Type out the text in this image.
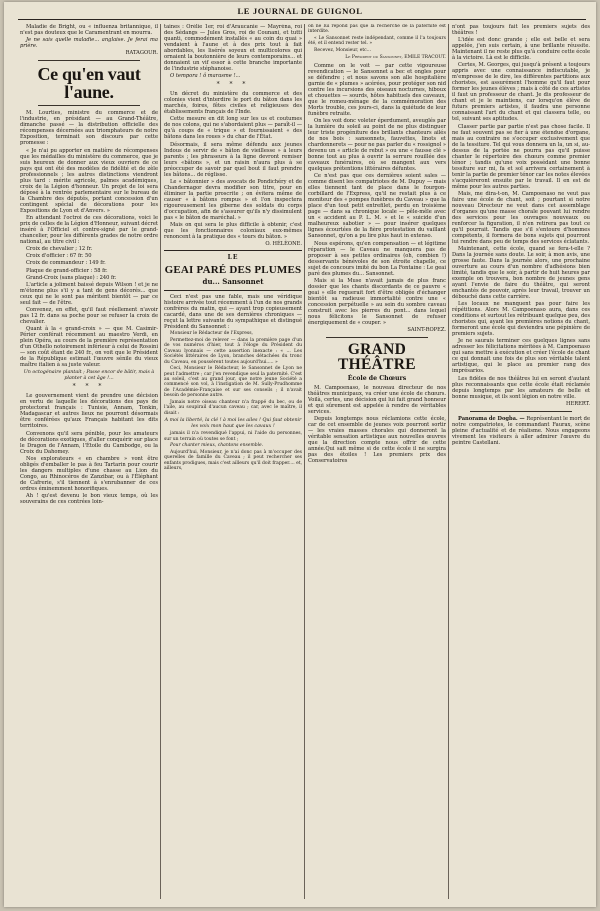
LE JOURNAL DE GUIGNOL

Maladie de Bright, ou « influenza britannique, il n'est pas douteux que le Caramentrant en mourra.

Je ne sais quelle maladie... anglaise. Je ferai ma prière.

RATAGOUR.

Ce qu'en vaut l'aune.

M. Lourties, ministre du commerce et de l'industrie, en présidant — au Grand-Théâtre, dimanche passé — la distribution officielle des récompenses décernées aux triomphateurs de notre Exposition, terminait son discours par cette promesse :

« Je n'ai pu apporter en matière de récompenses que les médailles du ministère du commerce, que je suis heureux de donner aux vieux ouvriers de ce pays qui ont été des modèles de fidélité et de zèle professionnels ; les autres distinctions viendront plus tard : mérite agricole, palmes académiques, croix de la Légion d'honneur. Un projet de loi sera déposé à la rentrée parlementaire sur le bureau de la Chambre des députés, portant concession d'un contingent spécial de décorations pour les Expositions de Lyon et d'Anvers. »

En attendant l'octroi de ces décorations, voici le prix de celles de la Légion d'Honneur, suivant décret inséré à l'Officiel et contre-signé par le grand-chancelier, pour les différents grades de notre ordre national, au titre civil :

Croix de chevalier ; 12 fr.

Croix d'officier : 67 fr. 50

Croix de commandeur : 149 fr.

Plaque de grand-officier : 58 fr.

Grand-Croix (sans plaque) : 240 fr.

L'article a joliment baissé depuis Wilson ! et je ne m'étonne plus s'il y a tant de gens décorés... que ceux qui ne le sont pas méritent bientôt — par ce seul fait — de l'être.

Convenez, en effet, qu'il faut réellement n'avoir pas 12 fr. dans sa poche pour se refuser la croix de chevalier.

Quant à la « grand-croix » — que M. Casimir-Périer conférait récemment au maestro Verdi, en plein Opéra, au cours de la première représentation d'un Othello notoirement inférieur à celui de Rossini — son coût étant de 240 fr., on voit que le Président de la République estimait l'œuvre sénile du vieux maître italien à sa juste valeur.

Un octogénaire plantait ; Passe encor de bâtir, mais à planter à cet âge !...

* * *

Le gouvernement vient de prendre une décision en vertu de laquelle les décorations des pays de protectorat français : Tunisie, Annam, Tonkin, Madagascar et autres lieux ne pourront désormais être conférées qu'aux Français habitant les dits territoires.

Convenons qu'il sera pénible, pour les amateurs de décorations exotiques, d'aller conquérir sur place le Dragon de l'Annam, l'Étoile du Cambodge, ou la Croix du Dahomey.

Nos explorateurs « en chambre » vont être obligés d'emballer le pas à feu Tartarin pour courir les dangers multiples d'une chasse au Lion du Congo, au Rhinocéros de Zanzibar, ou à l'Éléphant de Cafrerie, s'il tiennent à s'enrubanner de ces ordres éminemment honorifiques.

Ah ! qu'est devenu le bon vieux temps, où les souverains de ces contrées loin-

taines : Orélie 1er, roi d'Araucanie — Mayréna, roi des Sédangs — Jules Gros, roi de Counani, et tutti quanti, commodément installés « au coin du quai » vendaient à l'aune et à des prix tout à fait abordables, les lisérés soyeux et multicolores qui ornaient la boutonnière de leurs contemporains... et donnaient un vif essor à cette branche importante de l'industrie stéphanoise.

O tempora ! ô marasme !...

* * *

Un décret du ministère du commerce et des colonies vient d'interdire le port du bâton dans les marchés, foires, fêtes civiles et religieuses des établissements français de l'Inde.

Cette mesure en dit long sur les us et coutumes de nos colons, qui ne s'abordaient plus — paraît-il — qu'à coups de « trique » et fournissaient « des bâtons dans les roues » du char de l'État.

Désormais, il sera même défendu aux jeunes Indous de servir de « bâton de vieillesse » à leurs parents ; les phraseurs à la ligne devront remiser leurs «bâtons », et un raisin n'aura plus à se préoccuper de savoir par quel bout il faut prendre les bâtons... de réglisse.

Le « bâtonnier » des avocats de Pondichéry et de Chandernagor devra modifier son titre, pour en éliminer la partie proscrite ; on évitera même de causer « à bâtons rompus » et l'on inspectera rigoureusement les giberne des soldats du corps d'occupation, afin de s'assurer qu'ils n'y dissimulent pas « le bâton de maréchal. »

Mais on qui sera le plus difficile à obtenir, c'est que les fonctionnaires coloniaux eux-mêmes renoncent à la pratique des « tours du bâton. »

O. HÉLÈONE.

LE
GEAI PARÉ DES PLUMES
du... Sansonnet

Ceci n'est pas une fable, mais une véridique histoire arrivée tout récemment à l'un de nos grands confrères du matin, qui — ayant trop copieusement cacardé, dans une de ses dernières chroniques — reçut la lettre suivante du sympathique et distingué Président du Sansonnet :

Monsieur le Rédacteur de l'Express,

Permettez-moi de relever — dans la première page d'un de vos numéros d'hier, tout à l'éloge du Président du Caveau lyonnais — cette assertion inexacte : « ... Les Sociétés littéraires de Lyon, branches détachées du tronc du Caveau, en poussèrent toutes aujourd'hui..... »

Ceci, Monsieur le Rédacteur, le Sansonnet de Lyon ne peut l'admettre ; car j'en revendique seul la paternité. C'est au soleil, c'est au grand jour, que notre jeune Société a commencé son vol, à l'instigation de M. Sully-Prudhomme de l'Académie-Française et sur ses conseils ; il n'avait besoin de personne autre.

Jamais notre oiseau chanteur n'a frappé du bec, ou de l'aile, au soupirail d'aucun caveau ; car, avec le maître, il disait :

A moi la liberté, la clé ! à moi les ailes ! Qui faut obtenir les voix mon haut que les cavaux !

jamais il n'a revendiqué l'appui, ni l'aide du personnes, sur un terrain où toutes se font ;

Pour chanter mieux, chantons ensemble.

Aujourd'hui, Monsieur, je n'ai donc pas à m'occuper des querelles de famille du Caveau ; il peut rechercher ses enfants prodigues, mais c'est ailleurs qu'il doit frapper.... et, ailleurs,

on ne lui répond pas que la recherche de la paternité est interdite.

« Le Sansonnet reste indépendant, comme il l'a toujours été, et il entend rester tel. »

Recevez, Monsieur, etc...

Le Président du Sansonnet, EMILE TRACOUT.

Comme on le voit — par cette vigoureuse revendication — le Sansonnet a bec et ongles pour se défendre ; et nous savons son alle hospitalière garnie de « plumes » acérées, pour protéger son nid contre les incursions des oiseaux nocturnes, hiboux et chouettes — sourds, hôtes habituels des caveaux, que le romeu-ménage de la commémoration des Morts trouble, ces jours-ci, dans la quiétude de leur funèbre retraite.

On les voit donc voleter éperdument, aveuglés par la lumière du soleil au point de ne plus distinguer leur triste progéniture des brillants chanteurs ailés de nos bois : sansonnets, fauvettes, linots et chardonnerets — pour ne pas parler du « rossignol » devenu un « article de rebut » ou une « fausse clé » bonne tout au plus à ouvrir la serrure rouillée des caveaux funéraires, où se mangent aux vers quelques prétentions littéraires défuntes.

Ce n'est pas que ces dernières soient sales — comme disent les compatriotes de M. Dupuy — mais elles tiennent tant de place dans le fourgon-corbillard de l'Express, qu'il ne restait plus à ce moniteur des « pompes funèbres du Caveau » que la place d'un tout petit entrefilet, perdu en troisième page — dans sa chronique locale — pêle-mêle avec un « accident au P. L. M. » et le « suicide d'un malheureux sabotier » — pour insérer quelques lignes écourtées de la fière protestation du vaillant Sansonnet, qu'on a pu lire plus haut in extenso.

Nous espérons, qu'en compensation — et légitime réparation — le Caveau ne manquera pas de proposer à ses petites ordinaires (oh, combien !) desservants bénévoles de son étroite chapelle, ce sujet de concours imité du bon La Fontaine : Le geai paré des plumes du... Sansonnet.

Mais si la Muse n'avait jamais de plus franc dossier que les chants discordants de ce pauvre « geai » elle reguerait fort d'être obligée d'échanger bientôt sa radieuse immortalité contre une « concession perpétuelle » au sein du sombre caveau construit avec les pierres du pont... dans lequel nous félicitons le Sansonnet de refuser énergiquement de « couper. »

SAINT-ROPEZ.

GRAND THÉÂTRE
École de Chœurs

M. Campoenaso, le nouveau directeur de nos théâtres municipaux, va créer une école de chœurs. Voilà, certes, une décision qui lui fait grand honneur et qui sûrement est appelée à rendre de véritables services.

Depuis longtemps nous réclamions cette école, car de cet ensemble de jeunes voix pourront sortir — les vraies masses chorales qui donneront la véritable sensation artistique aux nouvelles œuvres que la direction compte nous offrir de cette année.Qui sait même si de cette école il ne surgira pas des étoiles ! Les premiers prix des Conservatoires

n'ont pas toujours fait les premiers sujets des théâtres !

L'idée est donc grande ; elle est belle et sera appelée, j'en suis certain, à une brillante réussite. Maintenant il ne reste plus qu'à conduire cette école à la victoire. Là est le difficile.

Certes, M. Georges, qui jusqu'à présent a toujours appris avec une connaissance indiscutable, je m'empresse de le dire, les différentes partitions aux choristes, est assurément l'homme qu'il faut pour former les jeunes élèves ; mais à côté de ces artistes il faut un professeur de chant. Je dis professeur de chant et je le maintiens, car lorsqu'on élève de futurs premiers artistes, il faudra une personne connaissant l'art du chant et qui classera telle, ou tel, suivant ses aptitudes.

Classer partie par partie n'est pas chose facile. Il ne faut souvent pas se fier à une étendue d'organe, mais au contraire ne s'occuper exclusivement que de la tessiture. Tel qui vous donnera un la, un si, au-dessus de la portée ne pourra pas qu'il puisse chanter le répertoire des chœurs comme premier ténor ; tandis qu'une voix possédant une bonne tessiture sur mi, fa et sol arrivera certainement à tenir la partie de premier ténor car les notes élevées s'acquièreront ensuite par le travail. Il en est de même pour les autres parties.

Mais, me dira-t-on, M. Campoenaso ne veut pas faire une école de chant, soit ; pourtant si notre nouveau Directeur ne veut dans cet assemblage d'organes qu'une masse chorale pouvant lui rendre des services pour les ouvrages nouveaux ou renforcer la figuration, il n'en retirera pas tout ce qu'il pourrait. Tandis que s'il s'entoure d'hommes compétents, il formera de bons sujets qui pourront lui rendre dans peu de temps des services éclatants.

Maintenant, cette école, quand se fera-t-elle ? Dans la journée sans doute. Le soir, à mon avis, une grosse faute. Dans la journée alors, une prochaine ouverture au cours d'un nombre d'adhésions bien limité, tandis que le soir, à partir de huit heures par exemple on trouvera, bon nombre de jeunes gens ayant l'envie de faire du théâtre, qui seront enchantés de pouvoir, après leur travail, trouver un débouché dans cette carrière.

Les locaux ne manquent pas pour faire les répétitions. Alors M. Campoenaso aura, dans ces conditions et surtout les rétribuant quelque peu, des choristes qui, ayant les premières notions du chant, formeront une école qui deviendra une pépinière de premiers sujets.

Je ne saurais terminer ces quelques lignes sans adresser les félicitations méritées à M. Campoenaso qui sans mettre à exécution et créer l'école de chant ce qui donnait une fois de plus son véritable talent artistique, qui le place au premier rang des imprésarios.

Les fidèles de nos théâtres lui en seront d'autant plus reconnaissants que cette école était réclamée depuis longtemps par les amateurs de belle et bonne musique, et ils sont légion en notre ville.

HERERT.

Panorama de Dogba. — Représentant le mort de notre compatriotes, le commandant Faurax, scène pleine d'actualité et de réalisme. Nous engageons vivement les visiteurs à aller admirer l'œuvre du peintre Castellani.
